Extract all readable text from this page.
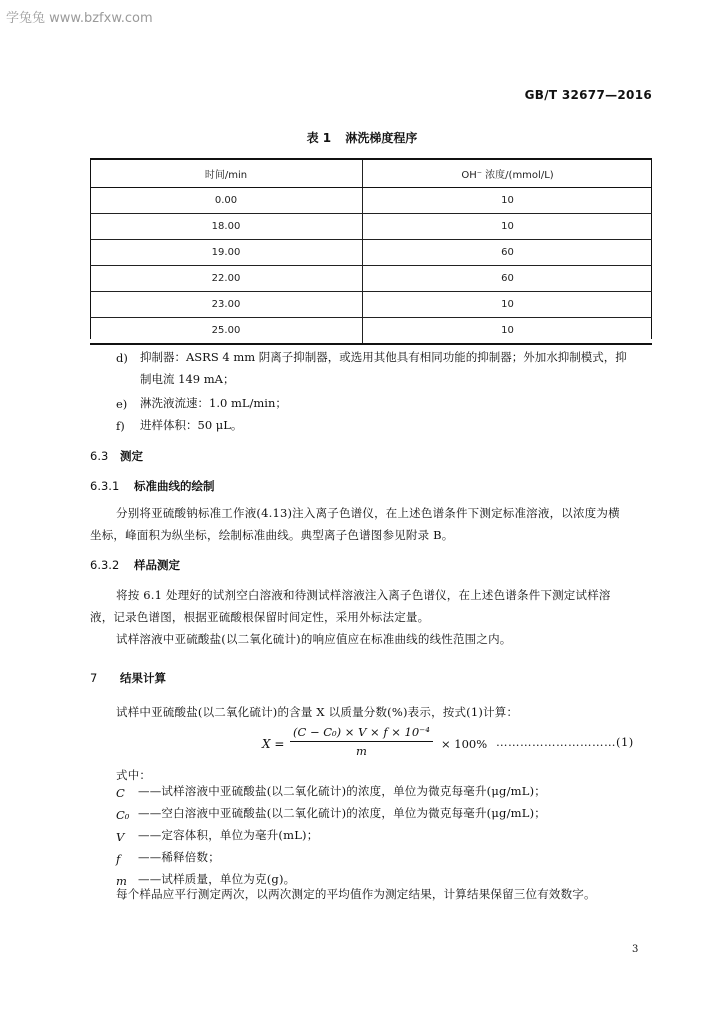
学兔兔 www.bzfxw.com
GB/T 32677—2016
表 1 淋洗梯度程序
时间/min	OH⁻ 浓度/(mmol/L)
0.00	10
18.00	10
19.00	60
22.00	60
23.00	10
25.00	10
d) 抑制器：ASRS 4 mm 阴离子抑制器，或选用其他具有相同功能的抑制器；外加水抑制模式，抑
制电流 149 mA；
e) 淋洗液流速：1.0 mL/min；
f) 进样体积：50 μL。
6.3 测定
6.3.1 标准曲线的绘制
分别将亚硫酸钠标准工作液(4.13)注入离子色谱仪，在上述色谱条件下测定标准溶液，以浓度为横
坐标，峰面积为纵坐标，绘制标准曲线。典型离子色谱图参见附录 B。
6.3.2 样品测定
将按 6.1 处理好的试剂空白溶液和待测试样溶液注入离子色谱仪，在上述色谱条件下测定试样溶
液，记录色谱图，根据亚硫酸根保留时间定性，采用外标法定量。
试样溶液中亚硫酸盐(以二氧化硫计)的响应值应在标准曲线的线性范围之内。
7 结果计算
试样中亚硫酸盐(以二氧化硫计)的含量 X 以质量分数(%)表示，按式(1)计算：
$X = \frac{\text{(C − C₀) × V × f × 10⁻⁴}}{m} \times 100\%$ …………………………(1)
式中：
C ——试样溶液中亚硫酸盐(以二氧化硫计)的浓度，单位为微克每毫升(μg/mL)；
C₀ ——空白溶液中亚硫酸盐(以二氧化硫计)的浓度，单位为微克每毫升(μg/mL)；
V ——定容体积，单位为毫升(mL)；
f ——稀释倍数；
m ——试样质量，单位为克(g)。
每个样品应平行测定两次，以两次测定的平均值作为测定结果，计算结果保留三位有效数字。
3
